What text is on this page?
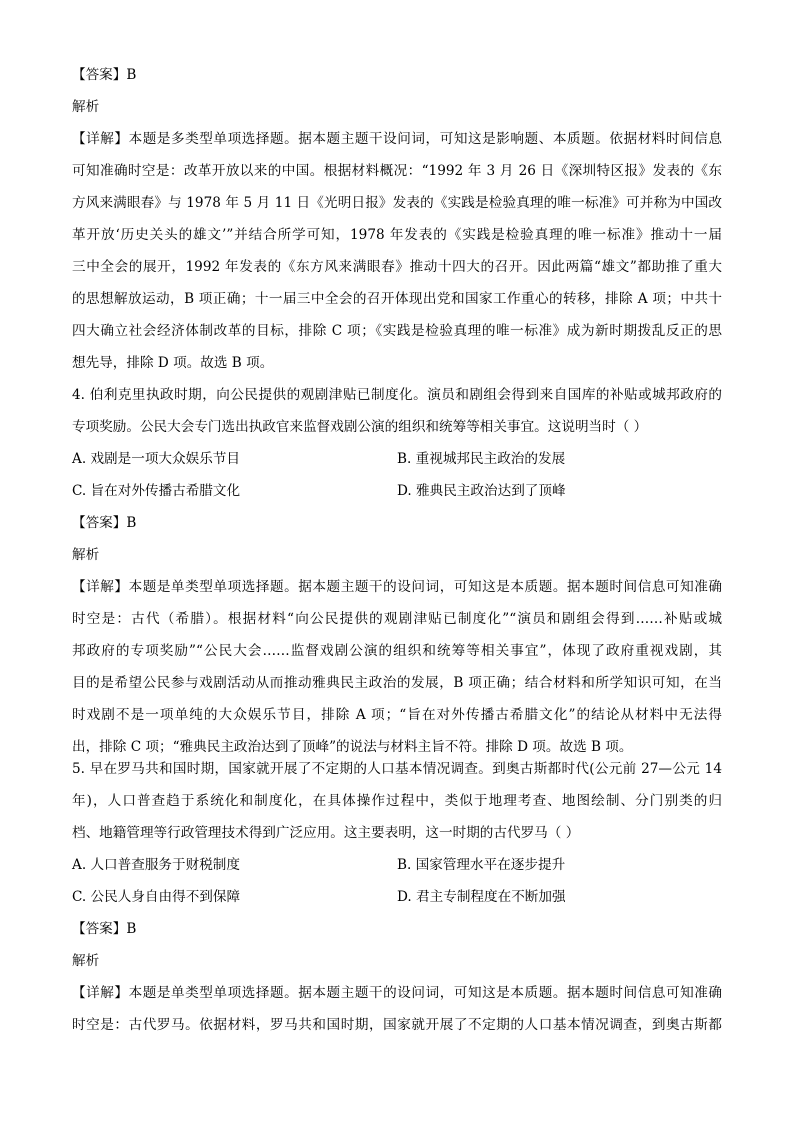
【答案】B
解析
【详解】本题是多类型单项选择题。据本题主题干设问词，可知这是影响题、本质题。依据材料时间信息
可知准确时空是：改革开放以来的中国。根据材料概况：“1992 年 3 月 26 日《深圳特区报》发表的《东
方风来满眼春》与 1978 年 5 月 11 日《光明日报》发表的《实践是检验真理的唯一标准》可并称为中国改
革开放‘历史关头的雄文’”并结合所学可知，1978 年发表的《实践是检验真理的唯一标准》推动十一届
三中全会的展开，1992 年发表的《东方风来满眼春》推动十四大的召开。因此两篇“雄文”都助推了重大
的思想解放运动，B 项正确；十一届三中全会的召开体现出党和国家工作重心的转移，排除 A 项；中共十
四大确立社会经济体制改革的目标，排除 C 项；《实践是检验真理的唯一标准》成为新时期拨乱反正的思
想先导，排除 D 项。故选 B 项。
4. 伯利克里执政时期，向公民提供的观剧津贴已制度化。演员和剧组会得到来自国库的补贴或城邦政府的
专项奖励。公民大会专门选出执政官来监督戏剧公演的组织和统筹等相关事宜。这说明当时（ ）
A. 戏剧是一项大众娱乐节目	B. 重视城邦民主政治的发展
C. 旨在对外传播古希腊文化	D. 雅典民主政治达到了顶峰
【答案】B
解析
【详解】本题是单类型单项选择题。据本题主题干的设问词，可知这是本质题。据本题时间信息可知准确
时空是：古代（希腊）。根据材料“向公民提供的观剧津贴已制度化”“演员和剧组会得到……补贴或城
邦政府的专项奖励”“公民大会……监督戏剧公演的组织和统筹等相关事宜”，体现了政府重视戏剧，其
目的是希望公民参与戏剧活动从而推动雅典民主政治的发展，B 项正确；结合材料和所学知识可知，在当
时戏剧不是一项单纯的大众娱乐节目，排除 A 项；“旨在对外传播古希腊文化”的结论从材料中无法得
出，排除 C 项；“雅典民主政治达到了顶峰”的说法与材料主旨不符。排除 D 项。故选 B 项。
5. 早在罗马共和国时期，国家就开展了不定期的人口基本情况调查。到奥古斯都时代(公元前 27—公元 14
年)，人口普查趋于系统化和制度化，在具体操作过程中，类似于地理考查、地图绘制、分门别类的归
档、地籍管理等行政管理技术得到广泛应用。这主要表明，这一时期的古代罗马（ ）
A. 人口普查服务于财税制度	B. 国家管理水平在逐步提升
C. 公民人身自由得不到保障	D. 君主专制程度在不断加强
【答案】B
解析
【详解】本题是单类型单项选择题。据本题主题干的设问词，可知这是本质题。据本题时间信息可知准确
时空是：古代罗马。依据材料，罗马共和国时期，国家就开展了不定期的人口基本情况调查，到奥古斯都
